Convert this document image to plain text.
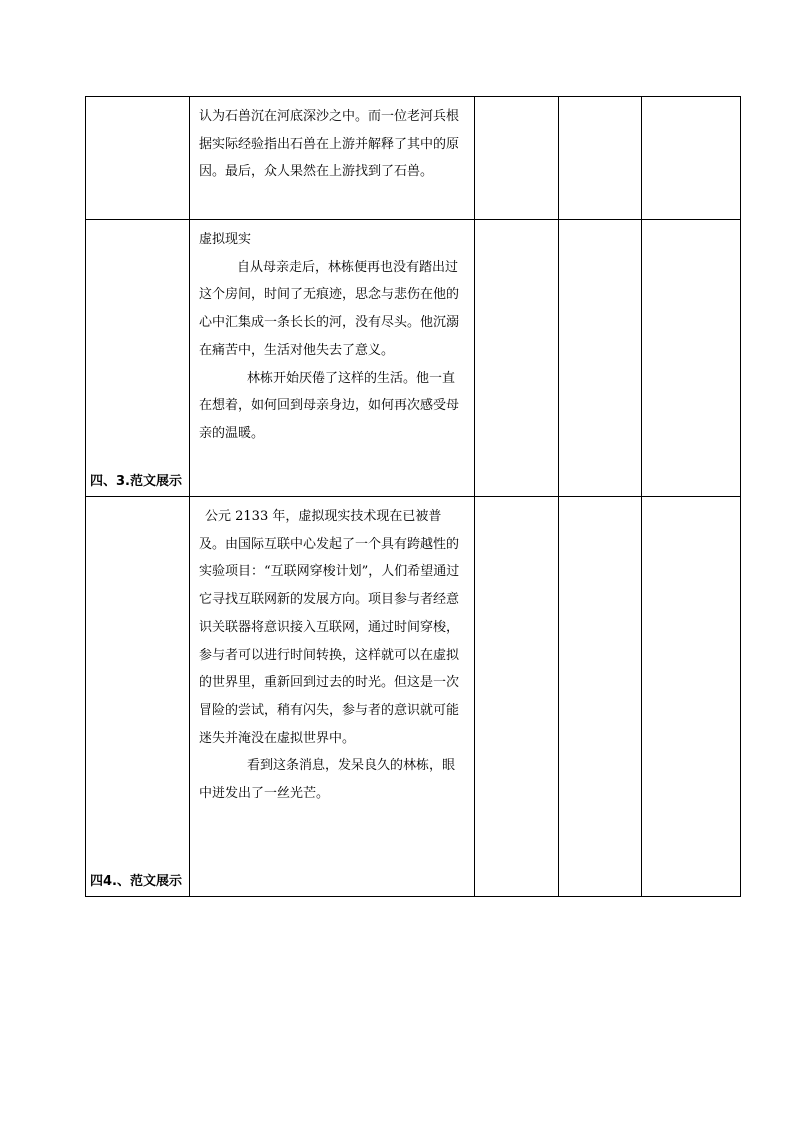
	认为石兽沉在河底深沙之中。而一位老河兵根据实际经验指出石兽在上游并解释了其中的原因。最后，众人果然在上游找到了石兽。			

四、3.范文展示	虚拟现实

自从母亲走后，林栋便再也没有踏出过这个房间，时间了无痕迹，思念与悲伤在他的心中汇集成一条长长的河，没有尽头。他沉溺在痛苦中，生活对他失去了意义。

林栋开始厌倦了这样的生活。他一直在想着，如何回到母亲身边，如何再次感受母亲的温暖。			

四4.、范文展示	公元 2133 年，虚拟现实技术现在已被普及。由国际互联中心发起了一个具有跨越性的实验项目：“互联网穿梭计划”，人们希望通过它寻找互联网新的发展方向。项目参与者经意识关联器将意识接入互联网，通过时间穿梭，参与者可以进行时间转换，这样就可以在虚拟的世界里，重新回到过去的时光。但这是一次冒险的尝试，稍有闪失，参与者的意识就可能迷失并淹没在虚拟世界中。

看到这条消息，发呆良久的林栋，眼中迸发出了一丝光芒。			
